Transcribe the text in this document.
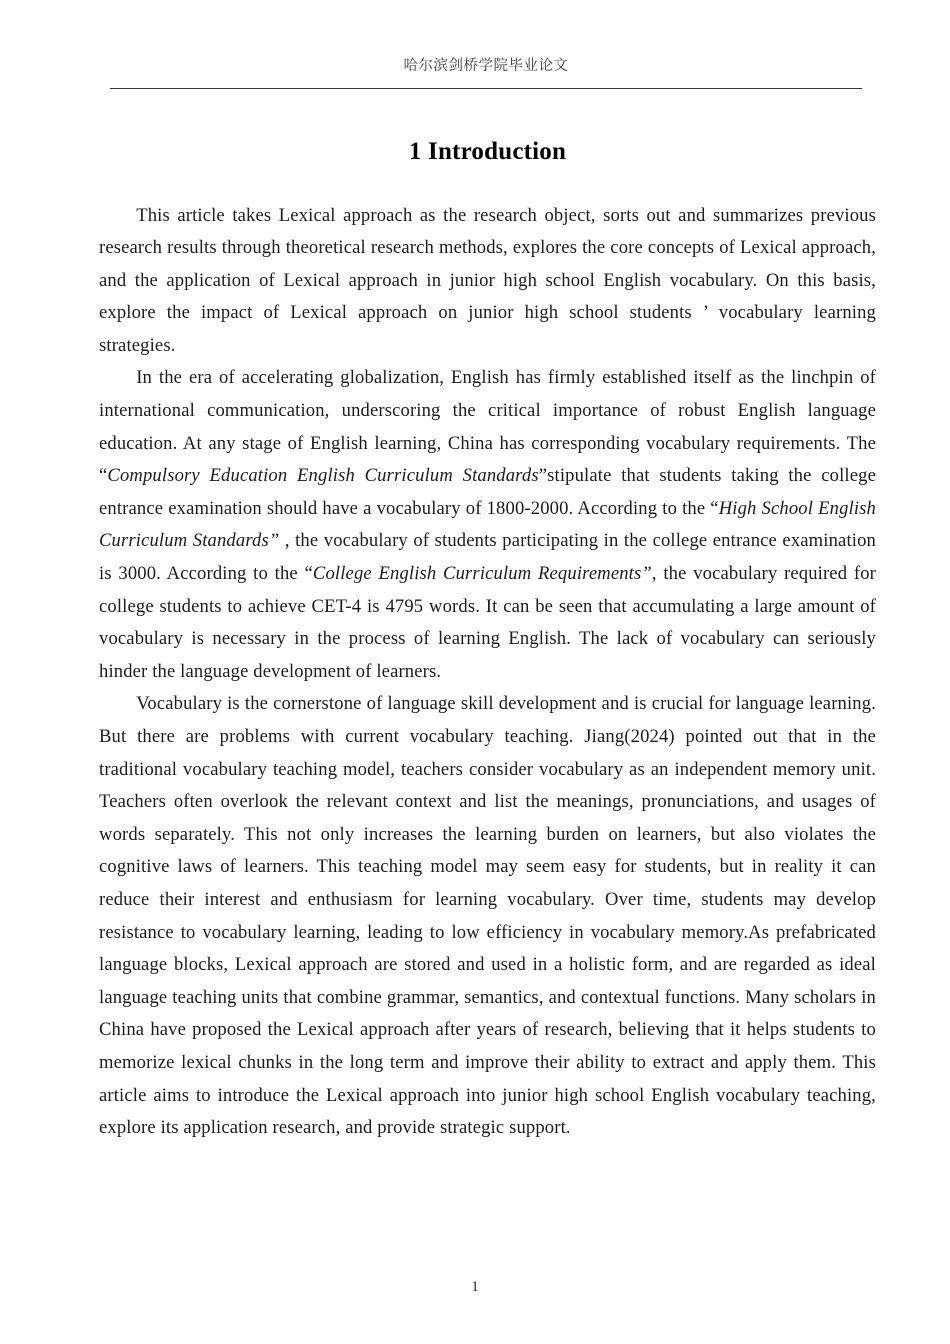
哈尔滨剑桥学院毕业论文
1 Introduction

This article takes Lexical approach as the research object, sorts out and summarizes previous research results through theoretical research methods, explores the core concepts of Lexical approach, and the application of Lexical approach in junior high school English vocabulary. On this basis, explore the impact of Lexical approach on junior high school students ’ vocabulary learning strategies.

In the era of accelerating globalization, English has firmly established itself as the linchpin of international communication, underscoring the critical importance of robust English language education. At any stage of English learning, China has corresponding vocabulary requirements. The “Compulsory Education English Curriculum Standards”stipulate that students taking the college entrance examination should have a vocabulary of 1800-2000. According to the “High School English Curriculum Standards” , the vocabulary of students participating in the college entrance examination is 3000. According to the “College English Curriculum Requirements”, the vocabulary required for college students to achieve CET-4 is 4795 words. It can be seen that accumulating a large amount of vocabulary is necessary in the process of learning English. The lack of vocabulary can seriously hinder the language development of learners.

Vocabulary is the cornerstone of language skill development and is crucial for language learning. But there are problems with current vocabulary teaching. Jiang(2024) pointed out that in the traditional vocabulary teaching model, teachers consider vocabulary as an independent memory unit. Teachers often overlook the relevant context and list the meanings, pronunciations, and usages of words separately. This not only increases the learning burden on learners, but also violates the cognitive laws of learners. This teaching model may seem easy for students, but in reality it can reduce their interest and enthusiasm for learning vocabulary. Over time, students may develop resistance to vocabulary learning, leading to low efficiency in vocabulary memory.As prefabricated language blocks, Lexical approach are stored and used in a holistic form, and are regarded as ideal language teaching units that combine grammar, semantics, and contextual functions. Many scholars in China have proposed the Lexical approach after years of research, believing that it helps students to memorize lexical chunks in the long term and improve their ability to extract and apply them. This article aims to introduce the Lexical approach into junior high school English vocabulary teaching, explore its application research, and provide strategic support.

1
